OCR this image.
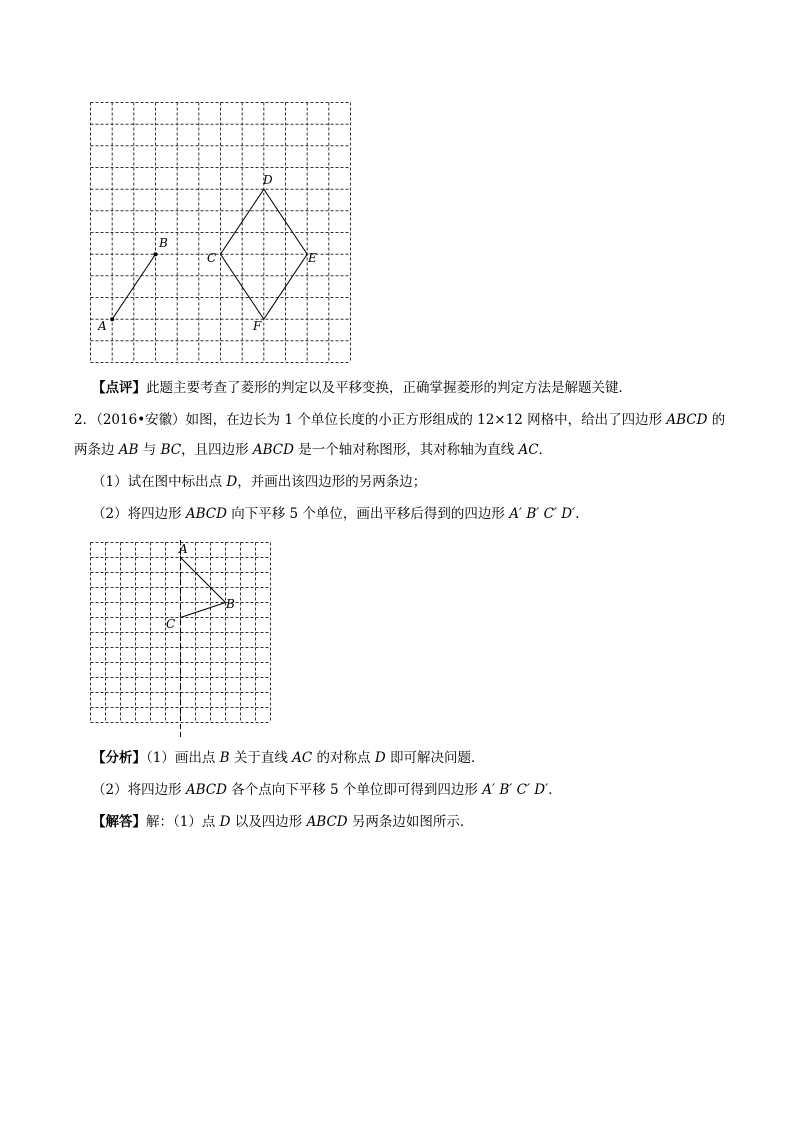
A
B
C
D
E
F
【点评】此题主要考查了菱形的判定以及平移变换，正确掌握菱形的判定方法是解题关键．
2．（2016•安徽）如图，在边长为 1 个单位长度的小正方形组成的 12×12 网格中，给出了四边形 ABCD 的
两条边 AB 与 BC，且四边形 ABCD 是一个轴对称图形，其对称轴为直线 AC．
（1）试在图中标出点 D，并画出该四边形的另两条边；
（2）将四边形 ABCD 向下平移 5 个单位，画出平移后得到的四边形 A′ B′ C′ D′．
A
B
C
【分析】（1）画出点 B 关于直线 AC 的对称点 D 即可解决问题．
（2）将四边形 ABCD 各个点向下平移 5 个单位即可得到四边形 A′ B′ C′ D′．
【解答】解：（1）点 D 以及四边形 ABCD 另两条边如图所示．
